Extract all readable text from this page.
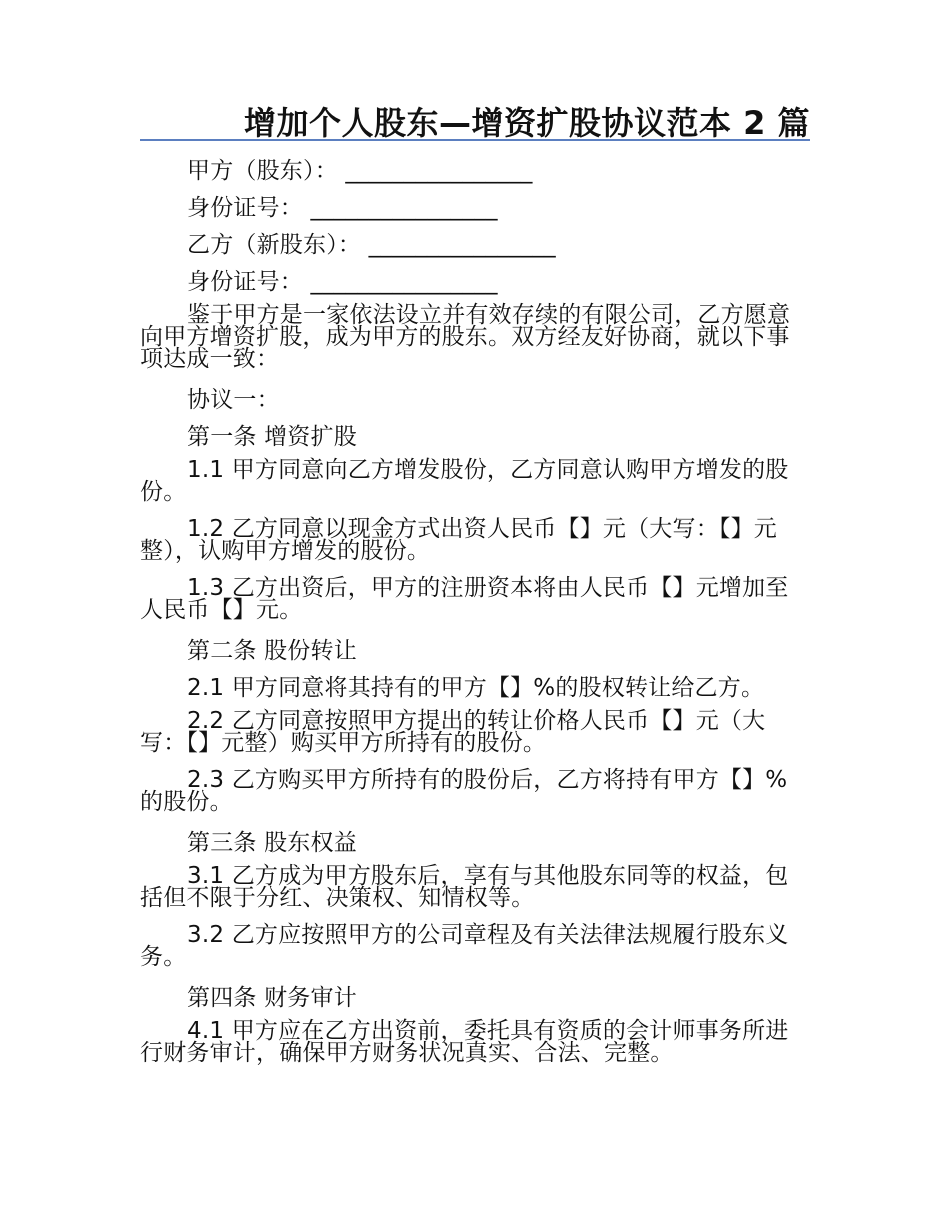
增加个人股东—增资扩股协议范本 2 篇

甲方（股东）： ________________

身份证号： ________________

乙方（新股东）： ________________

身份证号： ________________

鉴于甲方是一家依法设立并有效存续的有限公司，乙方愿意向甲方增资扩股，成为甲方的股东。双方经友好协商，就以下事项达成一致：

协议一：

第一条 增资扩股

1.1 甲方同意向乙方增发股份，乙方同意认购甲方增发的股份。

1.2 乙方同意以现金方式出资人民币【】元（大写：【】元整），认购甲方增发的股份。

1.3 乙方出资后，甲方的注册资本将由人民币【】元增加至人民币【】元。

第二条 股份转让

2.1 甲方同意将其持有的甲方【】%的股权转让给乙方。

2.2 乙方同意按照甲方提出的转让价格人民币【】元（大写：【】元整）购买甲方所持有的股份。

2.3 乙方购买甲方所持有的股份后，乙方将持有甲方【】%的股份。

第三条 股东权益

3.1 乙方成为甲方股东后，享有与其他股东同等的权益，包括但不限于分红、决策权、知情权等。

3.2 乙方应按照甲方的公司章程及有关法律法规履行股东义务。

第四条 财务审计

4.1 甲方应在乙方出资前，委托具有资质的会计师事务所进行财务审计，确保甲方财务状况真实、合法、完整。
